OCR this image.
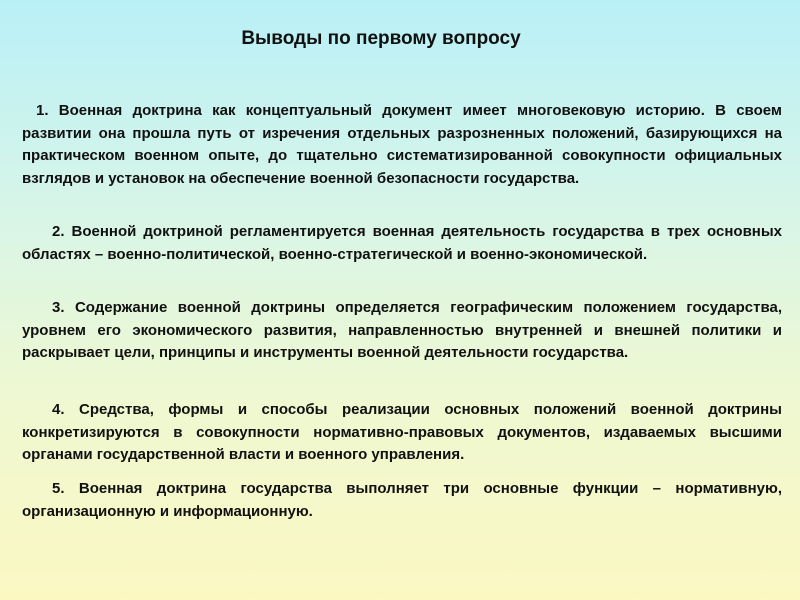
Выводы по первому вопросу

1. Военная доктрина как концептуальный документ имеет многовековую историю. В своем развитии она прошла путь от изречения отдельных разрозненных положений, базирующихся на практическом военном опыте, до тщательно систематизированной совокупности официальных взглядов и установок на обеспечение военной безопасности государства.

2. Военной доктриной регламентируется военная деятельность государства в трех основных областях – военно-политической, военно-стратегической и военно-экономической.

3. Содержание военной доктрины определяется географическим положением государства, уровнем его экономического развития, направленностью внутренней и внешней политики и раскрывает цели, принципы и инструменты военной деятельности государства.

4. Средства, формы и способы реализации основных положений военной доктрины конкретизируются в совокупности нормативно-правовых документов, издаваемых высшими органами государственной власти и военного управления.

5. Военная доктрина государства выполняет три основные функции – нормативную, организационную и информационную.
